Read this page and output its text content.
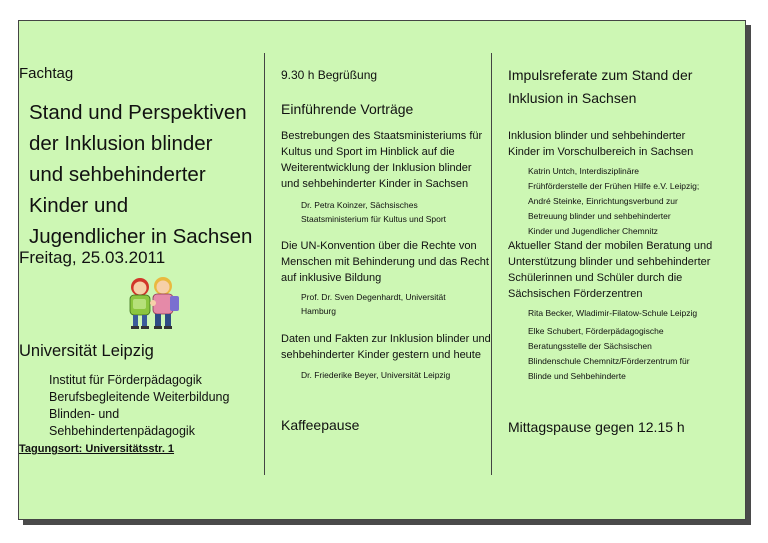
Fachtag
Stand und Perspektiven
der Inklusion blinder
und sehbehinderter
Kinder und
Jugendlicher in Sachsen
Freitag, 25.03.2011
Universität Leipzig
Institut für Förderpädagogik
Berufsbegleitende Weiterbildung
Blinden- und
Sehbehindertenpädagogik
Tagungsort: Universitätsstr. 1
9.30 h Begrüßung
Einführende Vorträge
Bestrebungen des Staatsministeriums für
Kultus und Sport im Hinblick auf die
Weiterentwicklung der Inklusion blinder
und sehbehinderter Kinder in Sachsen
Dr. Petra Koinzer, Sächsisches
Staatsministerium für Kultus und Sport
Die UN-Konvention über die Rechte von
Menschen mit Behinderung und das Recht
auf inklusive Bildung
Prof. Dr. Sven Degenhardt, Universität
Hamburg
Daten und Fakten zur Inklusion blinder und
sehbehinderter Kinder gestern und heute
Dr. Friederike Beyer, Universität Leipzig
Kaffeepause
Impulsreferate zum Stand der
Inklusion in Sachsen
Inklusion blinder und sehbehinderter
Kinder im Vorschulbereich in Sachsen
Katrin Untch, Interdisziplinäre
Frühförderstelle der Frühen Hilfe e.V. Leipzig;
André Steinke, Einrichtungsverbund zur
Betreuung blinder und sehbehinderter
Kinder und Jugendlicher Chemnitz
Aktueller Stand der mobilen Beratung und
Unterstützung blinder und sehbehinderter
Schülerinnen und Schüler durch die
Sächsischen Förderzentren
Rita Becker, Wladimir-Filatow-Schule Leipzig
Elke Schubert, Förderpädagogische
Beratungsstelle der Sächsischen
Blindenschule Chemnitz/Förderzentrum für
Blinde und Sehbehinderte
Mittagspause gegen 12.15 h
